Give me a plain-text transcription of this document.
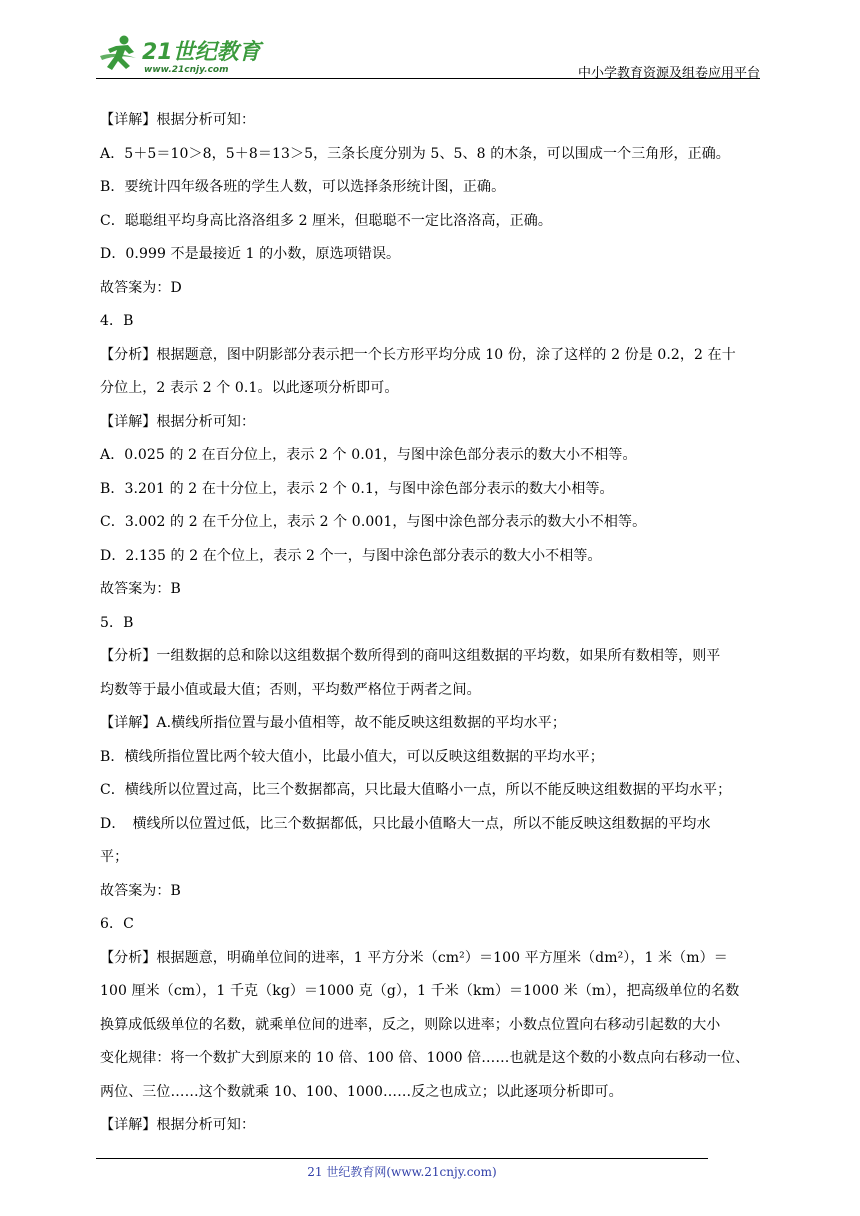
21世纪教育
www.21cnjy.com	中小学教育资源及组卷应用平台
【详解】根据分析可知：
A．5＋5＝10＞8，5＋8＝13＞5，三条长度分别为 5、5、8 的木条，可以围成一个三角形，正确。
B．要统计四年级各班的学生人数，可以选择条形统计图，正确。
C．聪聪组平均身高比洛洛组多 2 厘米，但聪聪不一定比洛洛高，正确。
D．0.999 不是最接近 1 的小数，原选项错误。
故答案为：D
4．B
【分析】根据题意，图中阴影部分表示把一个长方形平均分成 10 份，涂了这样的 2 份是 0.2，2 在十
分位上，2 表示 2 个 0.1。以此逐项分析即可。
【详解】根据分析可知：
A．0.025 的 2 在百分位上，表示 2 个 0.01，与图中涂色部分表示的数大小不相等。
B．3.201 的 2 在十分位上，表示 2 个 0.1，与图中涂色部分表示的数大小相等。
C．3.002 的 2 在千分位上，表示 2 个 0.001，与图中涂色部分表示的数大小不相等。
D．2.135 的 2 在个位上，表示 2 个一，与图中涂色部分表示的数大小不相等。
故答案为：B
5．B
【分析】一组数据的总和除以这组数据个数所得到的商叫这组数据的平均数，如果所有数相等，则平
均数等于最小值或最大值；否则，平均数严格位于两者之间。
【详解】A.横线所指位置与最小值相等，故不能反映这组数据的平均水平；
B．横线所指位置比两个较大值小，比最小值大，可以反映这组数据的平均水平；
C．横线所以位置过高，比三个数据都高，只比最大值略小一点，所以不能反映这组数据的平均水平；
D．　横线所以位置过低，比三个数据都低，只比最小值略大一点，所以不能反映这组数据的平均水
平；
故答案为：B
6．C
【分析】根据题意，明确单位间的进率，1 平方分米（cm²）＝100 平方厘米（dm²），1 米（m）＝
100 厘米（cm），1 千克（kg）＝1000 克（g），1 千米（km）＝1000 米（m），把高级单位的名数
换算成低级单位的名数，就乘单位间的进率，反之，则除以进率；小数点位置向右移动引起数的大小
变化规律：将一个数扩大到原来的 10 倍、100 倍、1000 倍……也就是这个数的小数点向右移动一位、
两位、三位……这个数就乘 10、100、1000……反之也成立；以此逐项分析即可。
【详解】根据分析可知：
21 世纪教育网(www.21cnjy.com)
